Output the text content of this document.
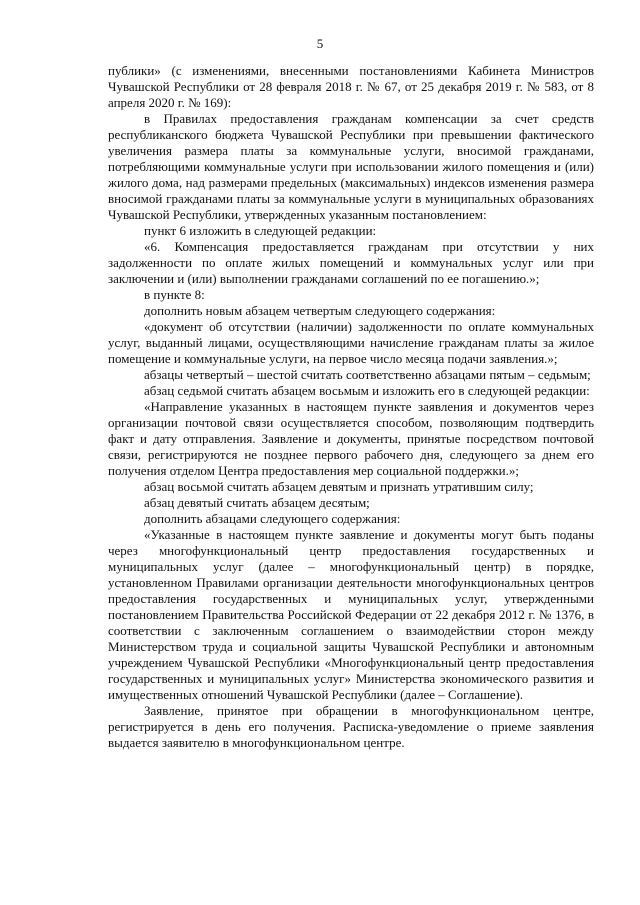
5

публики» (с изменениями, внесенными постановлениями Кабинета Министров Чувашской Республики от 28 февраля 2018 г. № 67, от 25 декабря 2019 г. № 583, от 8 апреля 2020 г. № 169):

в Правилах предоставления гражданам компенсации за счет средств республиканского бюджета Чувашской Республики при превышении фактического увеличения размера платы за коммунальные услуги, вносимой гражданами, потребляющими коммунальные услуги при использовании жилого помещения и (или) жилого дома, над размерами предельных (максимальных) индексов изменения размера вносимой гражданами платы за коммунальные услуги в муниципальных образованиях Чувашской Республики, утвержденных указанным постановлением:

пункт 6 изложить в следующей редакции:

«6. Компенсация предоставляется гражданам при отсутствии у них задолженности по оплате жилых помещений и коммунальных услуг или при заключении и (или) выполнении гражданами соглашений по ее погашению.»;

в пункте 8:

дополнить новым абзацем четвертым следующего содержания:

«документ об отсутствии (наличии) задолженности по оплате коммунальных услуг, выданный лицами, осуществляющими начисление гражданам платы за жилое помещение и коммунальные услуги, на первое число месяца подачи заявления.»;

абзацы четвертый – шестой считать соответственно абзацами пятым – седьмым;

абзац седьмой считать абзацем восьмым и изложить его в следующей редакции:

«Направление указанных в настоящем пункте заявления и документов через организации почтовой связи осуществляется способом, позволяющим подтвердить факт и дату отправления. Заявление и документы, принятые посредством почтовой связи, регистрируются не позднее первого рабочего дня, следующего за днем его получения отделом Центра предоставления мер социальной поддержки.»;

абзац восьмой считать абзацем девятым и признать утратившим силу;

абзац девятый считать абзацем десятым;

дополнить абзацами следующего содержания:

«Указанные в настоящем пункте заявление и документы могут быть поданы через многофункциональный центр предоставления государственных и муниципальных услуг (далее – многофункциональный центр) в порядке, установленном Правилами организации деятельности многофункциональных центров предоставления государственных и муниципальных услуг, утвержденными постановлением Правительства Российской Федерации от 22 декабря 2012 г. № 1376, в соответствии с заключенным соглашением о взаимодействии сторон между Министерством труда и социальной защиты Чувашской Республики и автономным учреждением Чувашской Республики «Многофункциональный центр предоставления государственных и муниципальных услуг» Министерства экономического развития и имущественных отношений Чувашской Республики (далее – Соглашение).

Заявление, принятое при обращении в многофункциональном центре, регистрируется в день его получения. Расписка-уведомление о приеме заявления выдается заявителю в многофункциональном центре.
